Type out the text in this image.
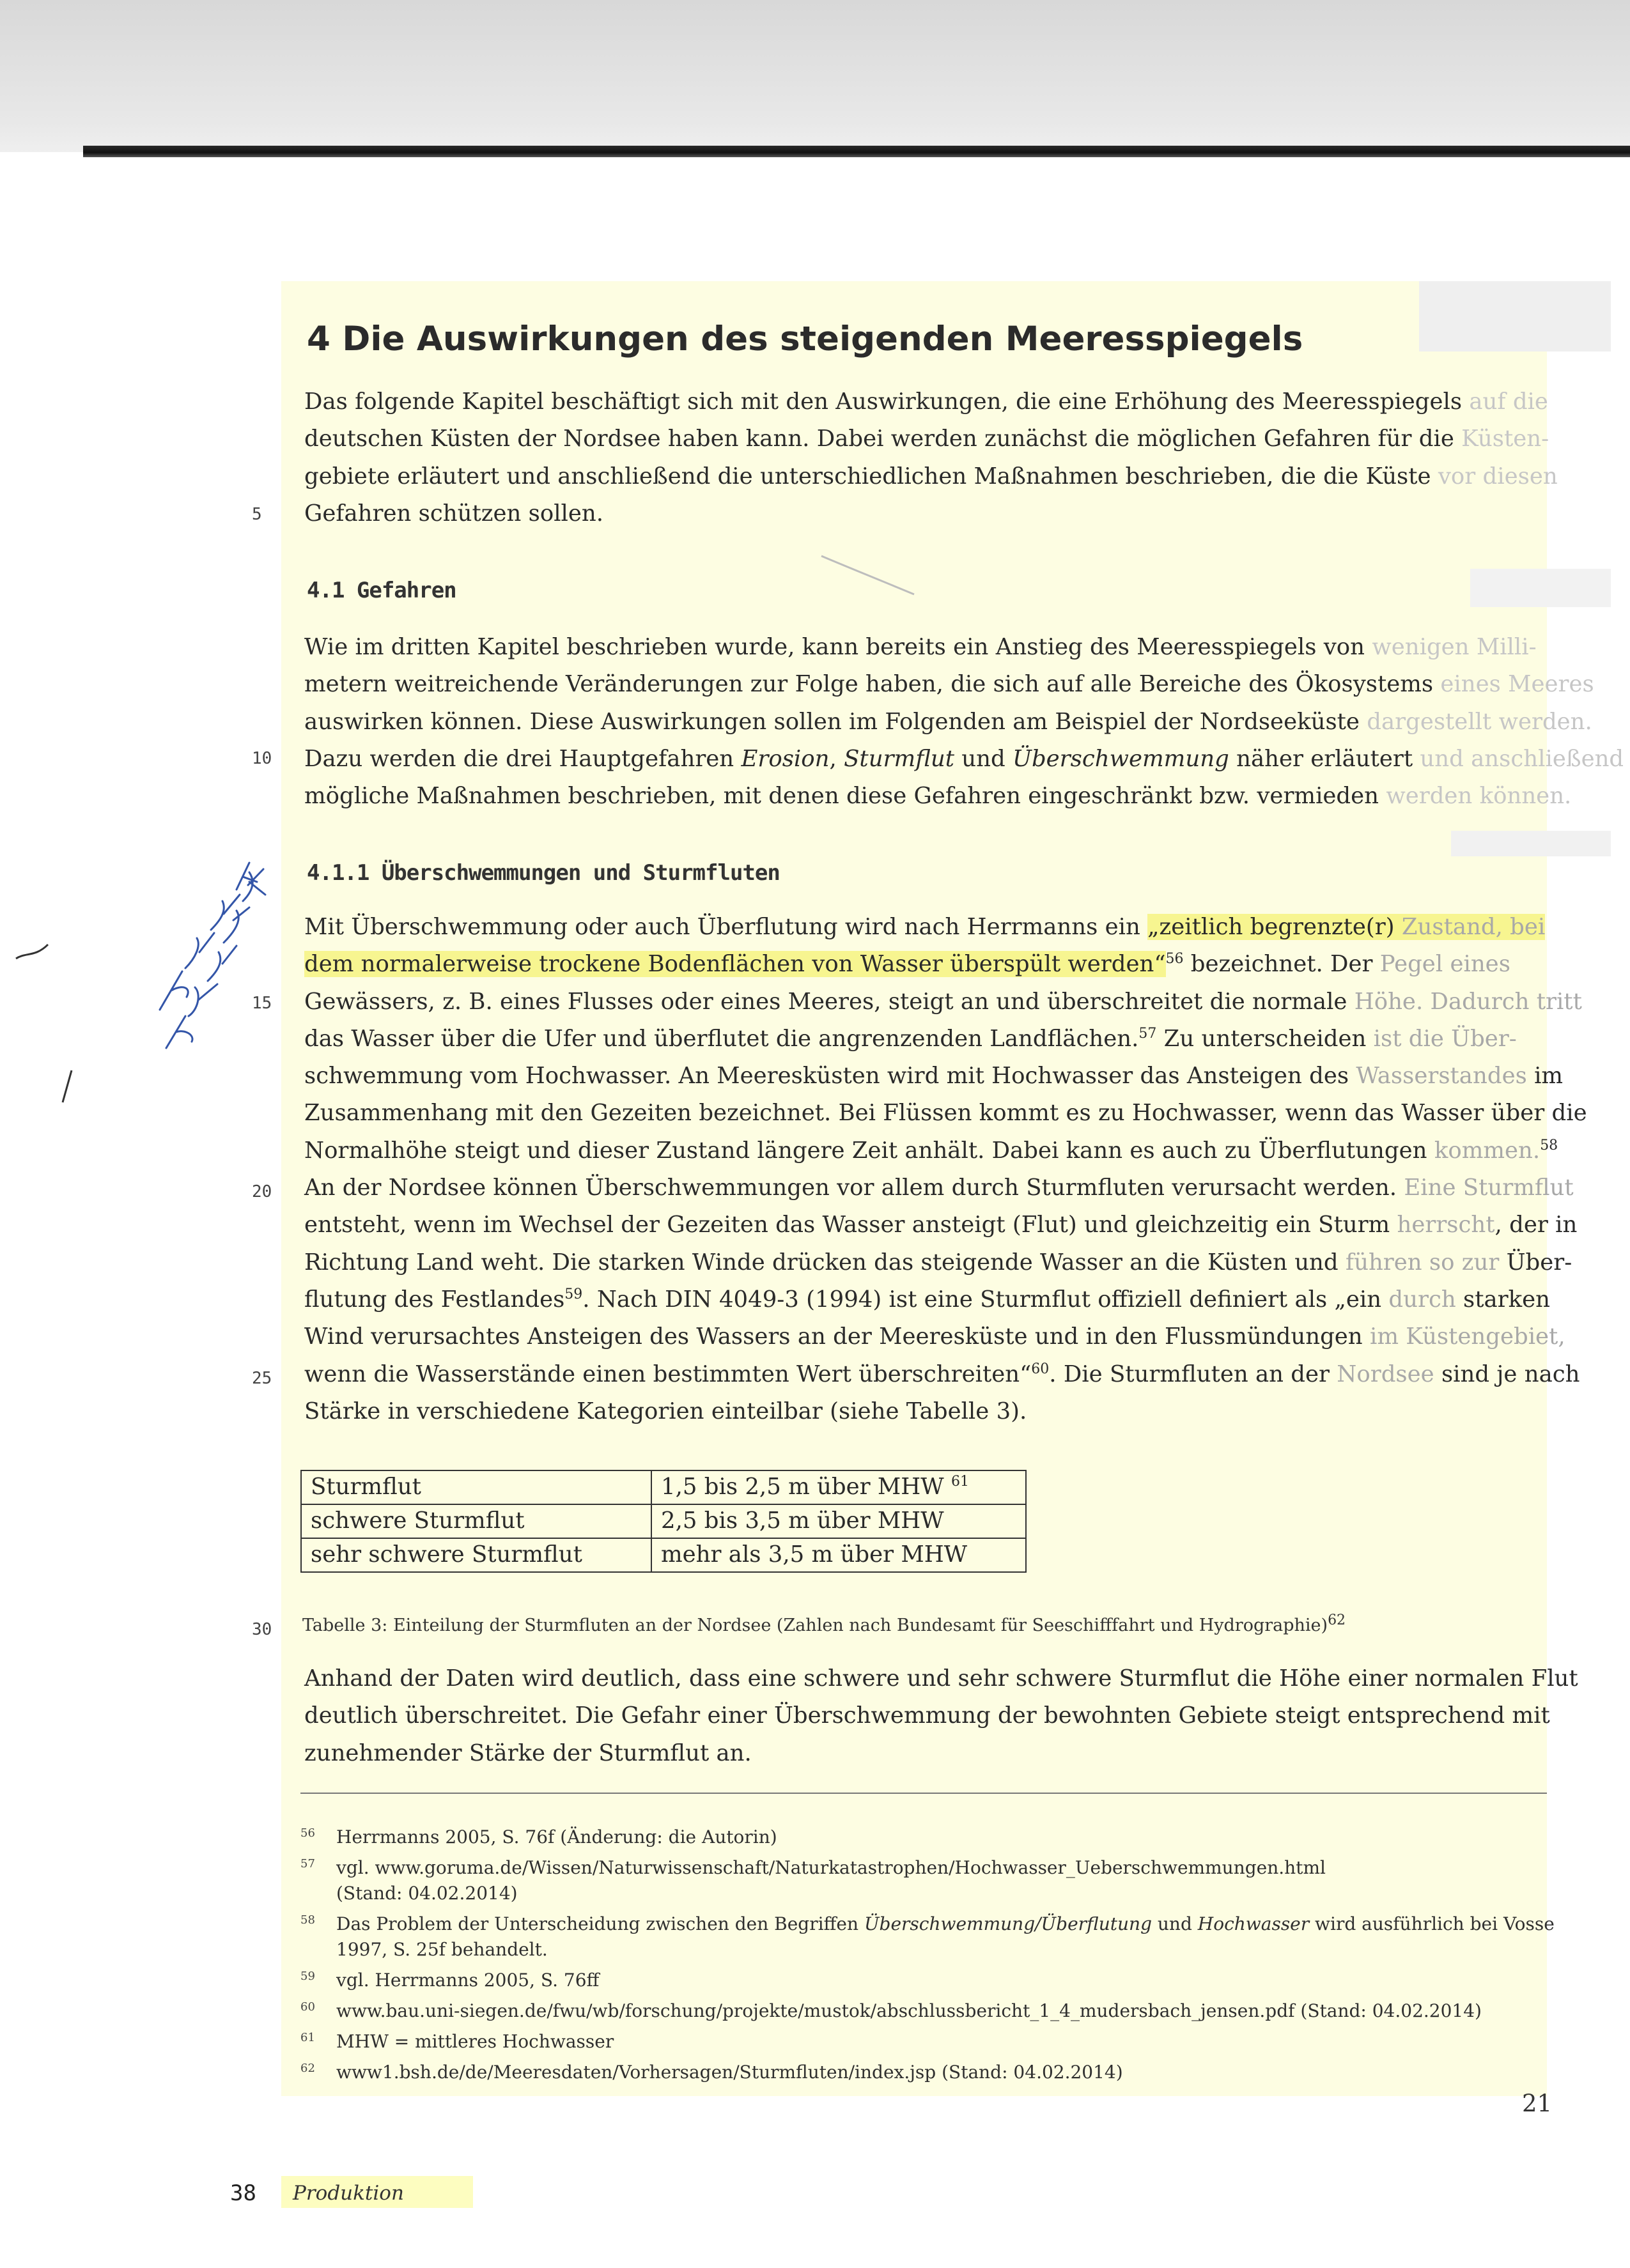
4 Die Auswirkungen des steigenden Meeresspiegels
Das folgende Kapitel beschäftigt sich mit den Auswirkungen, die eine Erhöhung des Meeresspiegels auf die
deutschen Küsten der Nordsee haben kann. Dabei werden zunächst die möglichen Gefahren für die Küsten-
gebiete erläutert und anschließend die unterschiedlichen Maßnahmen beschrieben, die die Küste vor diesen
Gefahren schützen sollen.
4.1 Gefahren
Wie im dritten Kapitel beschrieben wurde, kann bereits ein Anstieg des Meeresspiegels von wenigen Milli-
metern weitreichende Veränderungen zur Folge haben, die sich auf alle Bereiche des Ökosystems eines Meeres
auswirken können. Diese Auswirkungen sollen im Folgenden am Beispiel der Nordseeküste dargestellt werden.
Dazu werden die drei Hauptgefahren Erosion, Sturmflut und Überschwemmung näher erläutert und anschließend
mögliche Maßnahmen beschrieben, mit denen diese Gefahren eingeschränkt bzw. vermieden werden können.
4.1.1 Überschwemmungen und Sturmfluten
Mit Überschwemmung oder auch Überflutung wird nach Herrmanns ein „zeitlich begrenzte(r) Zustand, bei
dem normalerweise trockene Bodenflächen von Wasser überspült werden“$^{56}$ bezeichnet. Der Pegel eines
Gewässers, z. B. eines Flusses oder eines Meeres, steigt an und überschreitet die normale Höhe. Dadurch tritt
das Wasser über die Ufer und überflutet die angrenzenden Landflächen.$^{57}$ Zu unterscheiden ist die Über-
schwemmung vom Hochwasser. An Meeresküsten wird mit Hochwasser das Ansteigen des Wasserstandes im
Zusammenhang mit den Gezeiten bezeichnet. Bei Flüssen kommt es zu Hochwasser, wenn das Wasser über die
Normalhöhe steigt und dieser Zustand längere Zeit anhält. Dabei kann es auch zu Überflutungen kommen.$^{58}$
An der Nordsee können Überschwemmungen vor allem durch Sturmfluten verursacht werden. Eine Sturmflut
entsteht, wenn im Wechsel der Gezeiten das Wasser ansteigt (Flut) und gleichzeitig ein Sturm herrscht, der in
Richtung Land weht. Die starken Winde drücken das steigende Wasser an die Küsten und führen so zur Über-
flutung des Festlandes$^{59}$. Nach DIN 4049-3 (1994) ist eine Sturmflut offiziell definiert als „ein durch starken
Wind verursachtes Ansteigen des Wassers an der Meeresküste und in den Flussmündungen im Küstengebiet,
wenn die Wasserstände einen bestimmten Wert überschreiten“$^{60}$. Die Sturmfluten an der Nordsee sind je nach
Stärke in verschiedene Kategorien einteilbar (siehe Tabelle 3).
Sturmflut	1,5 bis 2,5 m über MHW $^{61}$
schwere Sturmflut	2,5 bis 3,5 m über MHW
sehr schwere Sturmflut	mehr als 3,5 m über MHW

Tabelle 3: Einteilung der Sturmfluten an der Nordsee (Zahlen nach Bundesamt für Seeschifffahrt und Hydrographie)$^{62}$

Anhand der Daten wird deutlich, dass eine schwere und sehr schwere Sturmflut die Höhe einer normalen Flut
deutlich überschreitet. Die Gefahr einer Überschwemmung der bewohnten Gebiete steigt entsprechend mit
zunehmender Stärke der Sturmflut an.
56 Herrmanns 2005, S. 76f (Änderung: die Autorin)
57 vgl. www.goruma.de/Wissen/Naturwissenschaft/Naturkatastrophen/Hochwasser_Ueberschwemmungen.html
(Stand: 04.02.2014)
58 Das Problem der Unterscheidung zwischen den Begriffen Überschwemmung/Überflutung und Hochwasser wird ausführlich bei Vosse
1997, S. 25f behandelt.
59 vgl. Herrmanns 2005, S. 76ff
60 www.bau.uni-siegen.de/fwu/wb/forschung/projekte/mustok/abschlussbericht_1_4_mudersbach_jensen.pdf (Stand: 04.02.2014)
61 MHW = mittleres Hochwasser
62 www1.bsh.de/de/Meeresdaten/Vorhersagen/Sturmfluten/index.jsp (Stand: 04.02.2014)
5
10
15
20
25
30
21
38 Produktion
